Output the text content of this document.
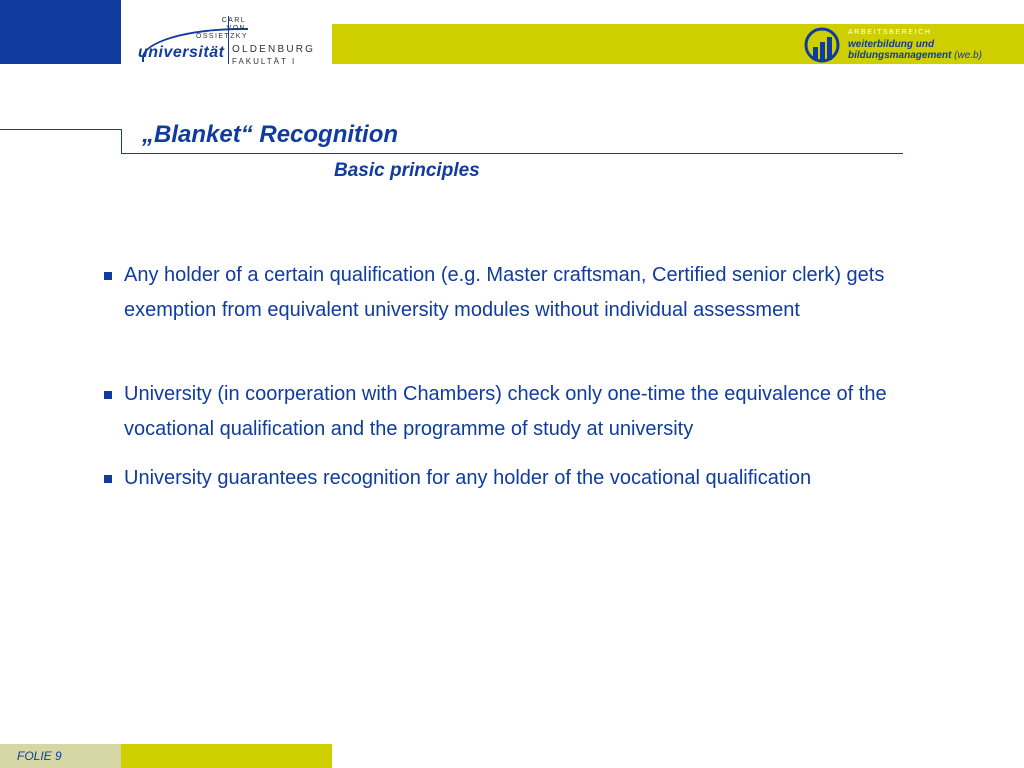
CARL
VON
OSSIETZKY
universität OLDENBURG
FAKULTÄT I
ARBEITSBEREICH
weiterbildung und
bildungsmanagement (we.b)
„Blanket“ Recognition
Basic principles
Any holder of a certain qualification (e.g. Master craftsman, Certified senior clerk) gets exemption from equivalent university modules without individual assessment
University (in coorperation with Chambers) check only one-time the equivalence of the vocational qualification and the programme of study at university
University guarantees recognition for any holder of the vocational qualification
FOLIE 9
